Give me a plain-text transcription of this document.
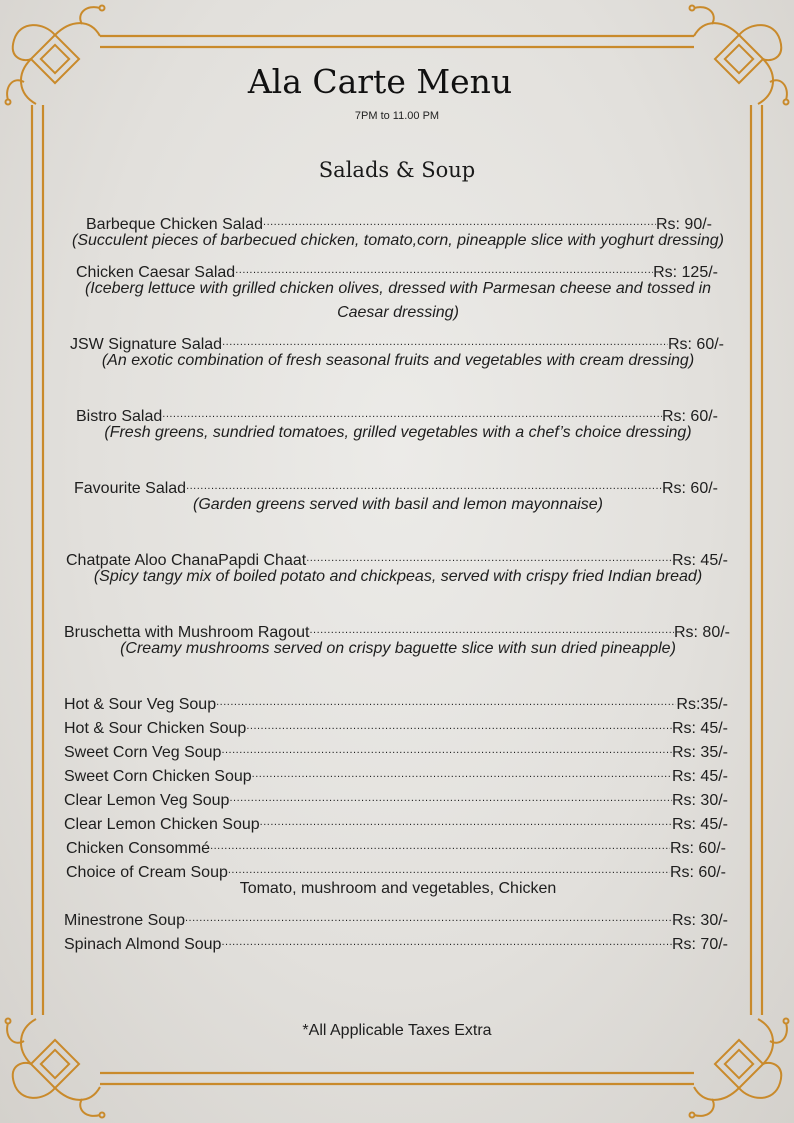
Ala Carte Menu
7PM to 11.00 PM
Salads & Soup
Barbeque Chicken Salad .....	Rs: 90/-
(Succulent pieces of barbecued chicken, tomato,corn, pineapple slice with yoghurt dressing)
Chicken Caesar Salad .....	Rs: 125/-
(Iceberg lettuce with grilled chicken olives, dressed with Parmesan cheese and tossed in Caesar dressing)
JSW Signature Salad .....	Rs: 60/-
(An exotic combination of fresh seasonal fruits and vegetables with cream dressing)
Bistro Salad .....	Rs: 60/-
(Fresh greens, sundried tomatoes, grilled vegetables with a chef’s choice dressing)
Favourite Salad .....	Rs: 60/-
(Garden greens served with basil and lemon mayonnaise)
Chatpate Aloo ChanaPapdi Chaat .....	Rs: 45/-
(Spicy tangy mix of boiled potato and chickpeas, served with crispy fried Indian bread)
Bruschetta with Mushroom Ragout .....	Rs: 80/-
(Creamy mushrooms served on crispy baguette slice with sun dried pineapple)
Hot & Sour Veg Soup .....	Rs:35/-
Hot & Sour Chicken Soup .....	Rs: 45/-
Sweet Corn Veg Soup .....	Rs: 35/-
Sweet Corn Chicken Soup .....	Rs: 45/-
Clear Lemon Veg Soup .....	Rs: 30/-
Clear Lemon Chicken Soup .....	Rs: 45/-
Chicken Consommé .....	Rs: 60/-
Choice of Cream Soup .....	Rs: 60/-
Tomato, mushroom and vegetables, Chicken
Minestrone Soup .....	Rs: 30/-
Spinach Almond Soup .....	Rs: 70/-
*All Applicable Taxes Extra
